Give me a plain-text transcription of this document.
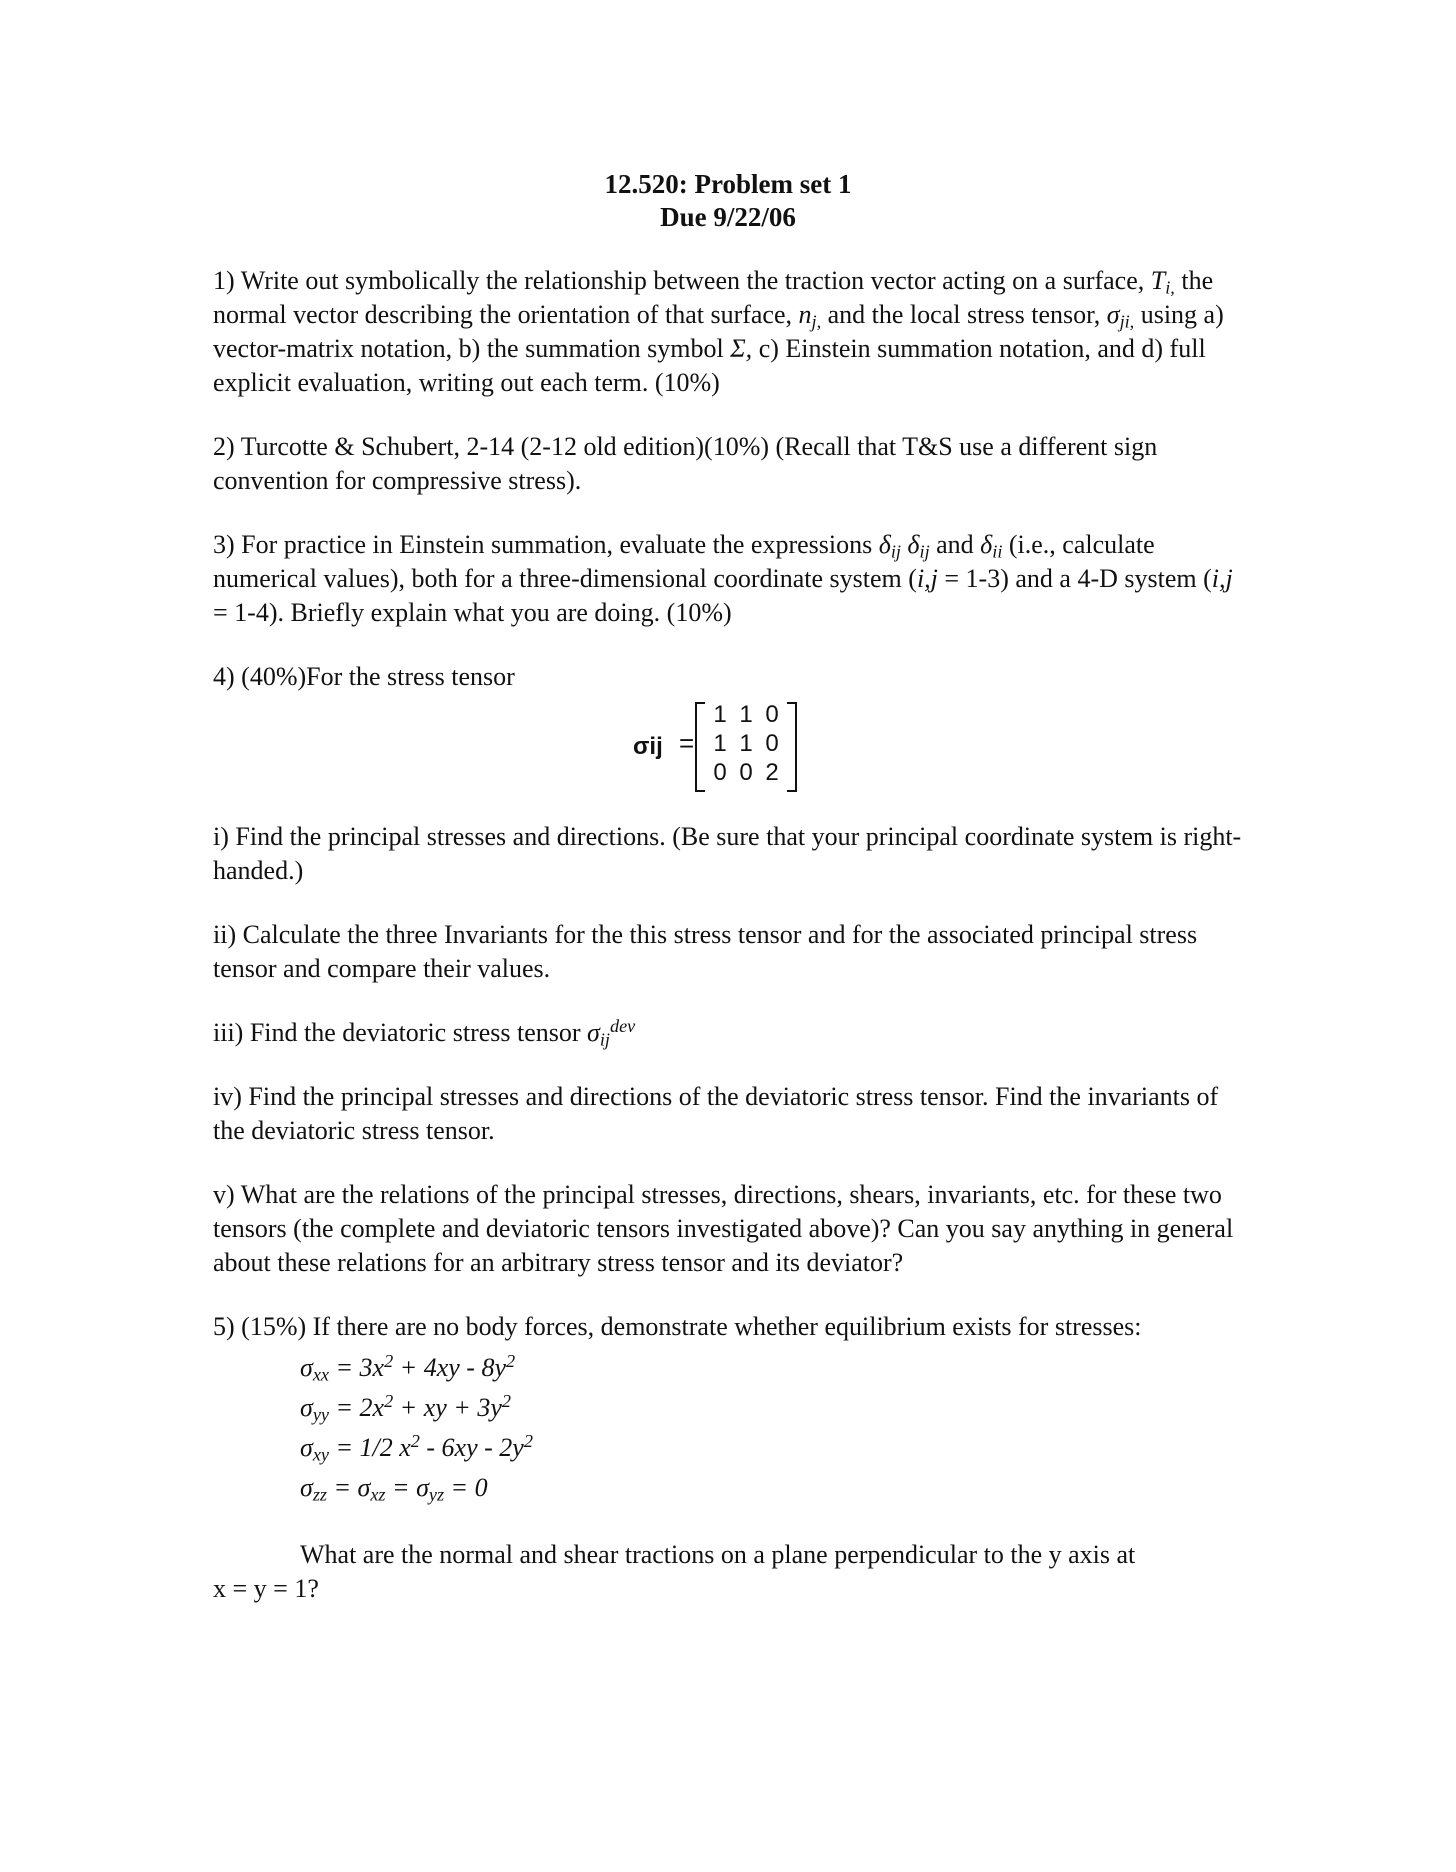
12.520: Problem set 1
Due 9/22/06

1) Write out symbolically the relationship between the traction vector acting on a surface, $T_{i,}$ the normal vector describing the orientation of that surface, $n_{j,}$ and the local stress tensor, $\sigma_{ji,}$ using a) vector-matrix notation, b) the summation symbol Σ, c) Einstein summation notation, and d) full explicit evaluation, writing out each term. (10%)

2) Turcotte & Schubert, 2-14 (2-12 old edition)(10%) (Recall that T&S use a different sign convention for compressive stress).

3) For practice in Einstein summation, evaluate the expressions $\delta_{ij}$ $\delta_{ij}$ and $\delta_{ii}$ (i.e., calculate numerical values), both for a three-dimensional coordinate system (i,j = 1-3) and a 4-D system (i,j = 1-4). Briefly explain what you are doing. (10%)

4) (40%)For the stress tensor

σij =
1	1	0
1	1	0
0	0	2

i) Find the principal stresses and directions. (Be sure that your principal coordinate system is right-handed.)

ii) Calculate the three Invariants for the this stress tensor and for the associated principal stress tensor and compare their values.

iii) Find the deviatoric stress tensor $\sigma_{ij}^{dev}$

iv) Find the principal stresses and directions of the deviatoric stress tensor. Find the invariants of the deviatoric stress tensor.

v) What are the relations of the principal stresses, directions, shears, invariants, etc. for these two tensors (the complete and deviatoric tensors investigated above)? Can you say anything in general about these relations for an arbitrary stress tensor and its deviator?

5) (15%) If there are no body forces, demonstrate whether equilibrium exists for stresses:

$\sigma_{xx} = 3x^2 + 4xy - 8y^2$
$\sigma_{yy} = 2x^2$ + xy + $3y^2$
$\sigma_{xy} = 1/2$ $x^2 - 6xy - 2y^2$
$\sigma_{zz} = \sigma_{xz} = \sigma_{yz} = 0$

What are the normal and shear tractions on a plane perpendicular to the y axis at
x = y = 1?
